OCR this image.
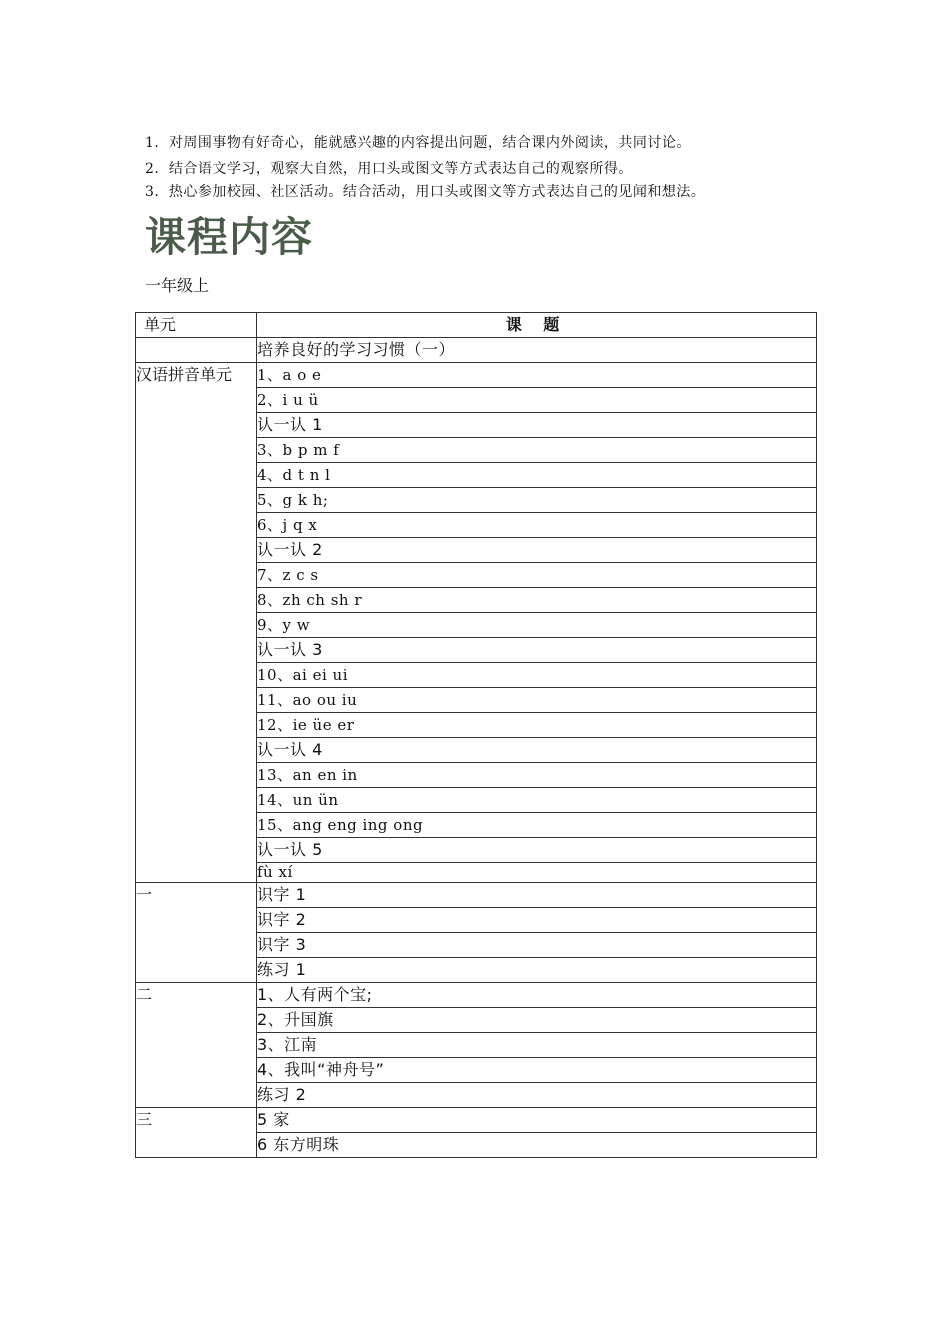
1．对周围事物有好奇心，能就感兴趣的内容提出问题，结合课内外阅读，共同讨论。

2．结合语文学习，观察大自然，用口头或图文等方式表达自己的观察所得。

3．热心参加校园、社区活动。结合活动，用口头或图文等方式表达自己的见闻和想法。

课程内容

一年级上

单元	课 题
	培养良好的学习习惯（一）
汉语拼音单元	1、a o e
	2、i u ü
	认一认 1
	3、b p m f
	4、d t n l
	5、g k h;
	6、j q x
	认一认 2
	7、z c s
	8、zh ch sh r
	9、y w
	认一认 3
	10、ai ei ui
	11、ao ou iu
	12、ie üe er
	认一认 4
	13、an en in
	14、un ün
	15、ang eng ing ong
	认一认 5
	fù xí
一	识字 1
	识字 2
	识字 3
	练习 1
二	1、人有两个宝;
	2、升国旗
	3、江南
	4、我叫“神舟号”
	练习 2
三	5 家
	6 东方明珠
